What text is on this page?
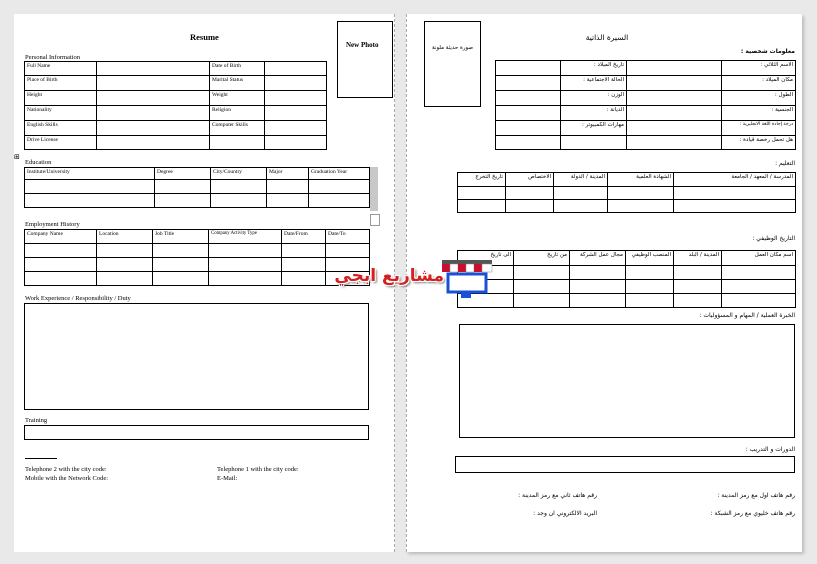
Resume
New Photo
Personal Information
Full Name		Date of Birth	
Place of Birth		Marital Status	
Height		Weight	
Nationality		Religion	
English Skills		Computer Skills	
Drive License			
⊞
Education
Institute/University	Degree	City/Country	Major	Graduation Year

Employment History
Company Name	Location	Job Title	Company Activity Type	Date/From	Date/To

Work Experience / Responsibility / Duty
Training
Telephone 2 with the city code:	Telephone 1 with the city code:
Mobile with the Network Code:	E-Mail:
السيرة الذاتية
صورة حديثة ملونة	معلومات شخصية :
الاسم الثلاثي :		تاريخ الميلاد :	
مكان الميلاد :		الحالة الاجتماعية :	
الطول :		الوزن :	
الجنسية :		الديانة :	
درجة إجادة اللغة الانجليزية :		مهارات الكمبيوتر :	
هل تحمل رخصة قيادة :			
التعليم :
المدرسة / المعهد / الجامعة	الشهادة العلمية	المدينة / الدولة	الاختصاص	تاريخ التخرج

التاريخ الوظيفي :
اسم مكان العمل	المدينة / البلد	المنصب الوظيفي	مجال عمل الشركة	من تاريخ	الى تاريخ

الخبرة العملية / المهام و المسؤوليات :
الدورات و التدريب :
رقم هاتف اول مع رمز المدينة :
رقم هاتف ثاني مع رمز المدينة :
رقم هاتف خليوي مع رمز الشبكة :
البريد الالكتروني ان وجد :
مشاريع ابجي
